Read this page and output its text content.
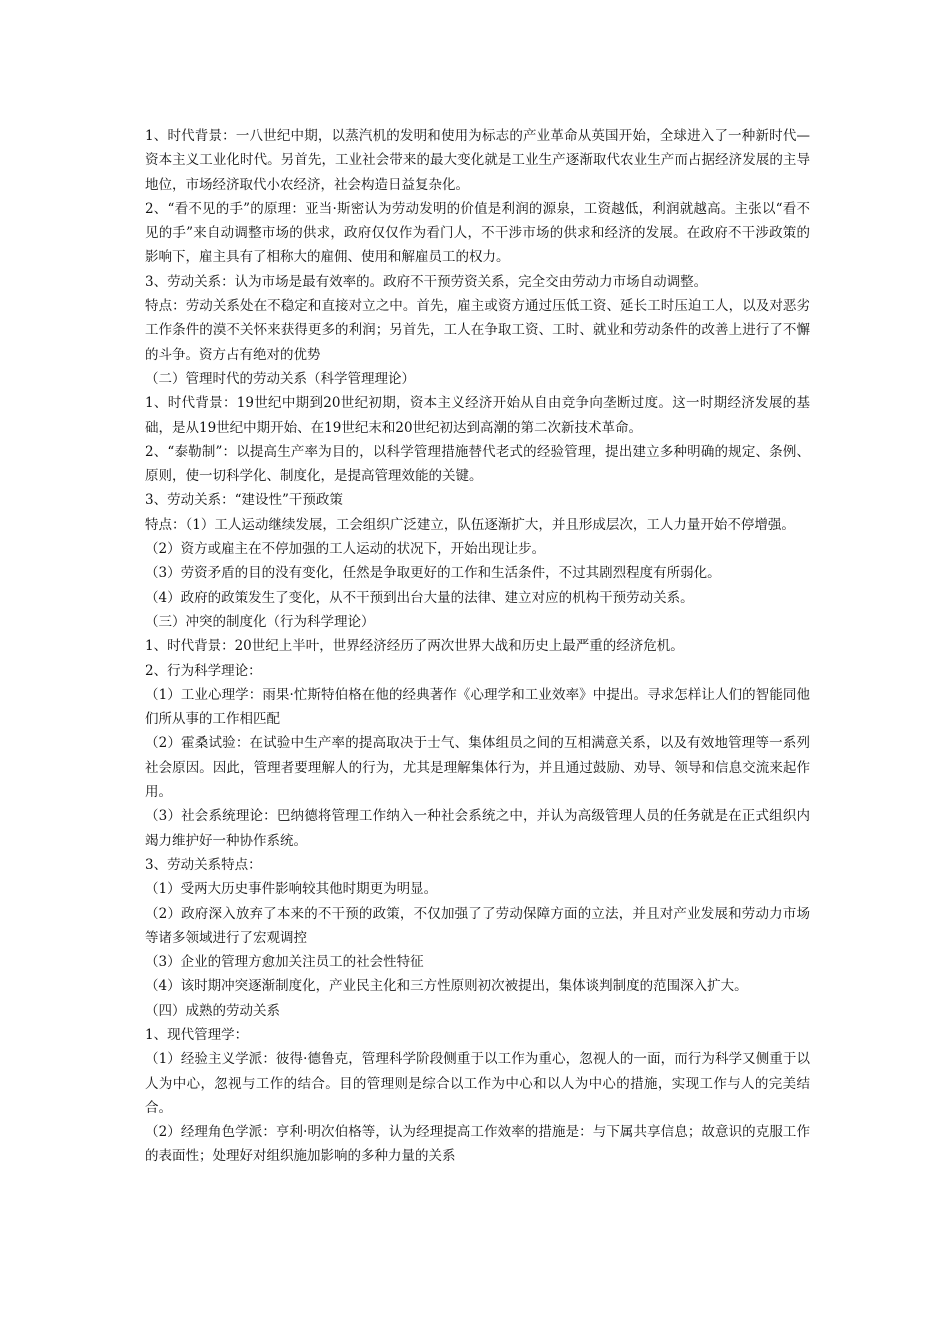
1、时代背景：一八世纪中期，以蒸汽机的发明和使用为标志的产业革命从英国开始，全球进入了一种新时代—资本主义工业化时代。另首先，工业社会带来的最大变化就是工业生产逐渐取代农业生产而占据经济发展的主导地位，市场经济取代小农经济，社会构造日益复杂化。

2、“看不见的手”的原理：亚当·斯密认为劳动发明的价值是利润的源泉，工资越低，利润就越高。主张以“看不见的手”来自动调整市场的供求，政府仅仅作为看门人，不干涉市场的供求和经济的发展。在政府不干涉政策的影响下，雇主具有了相称大的雇佣、使用和解雇员工的权力。

3、劳动关系：认为市场是最有效率的。政府不干预劳资关系，完全交由劳动力市场自动调整。

特点：劳动关系处在不稳定和直接对立之中。首先，雇主或资方通过压低工资、延长工时压迫工人，以及对恶劣工作条件的漠不关怀来获得更多的利润；另首先，工人在争取工资、工时、就业和劳动条件的改善上进行了不懈的斗争。资方占有绝对的优势

（二）管理时代的劳动关系（科学管理理论）

1、时代背景：19世纪中期到20世纪初期，资本主义经济开始从自由竞争向垄断过度。这一时期经济发展的基础，是从19世纪中期开始、在19世纪末和20世纪初达到高潮的第二次新技术革命。

2、“泰勒制”：以提高生产率为目的，以科学管理措施替代老式的经验管理，提出建立多种明确的规定、条例、原则，使一切科学化、制度化，是提高管理效能的关键。

3、劳动关系：“建设性”干预政策

特点：（1）工人运动继续发展，工会组织广泛建立，队伍逐渐扩大，并且形成层次，工人力量开始不停增强。

（2）资方或雇主在不停加强的工人运动的状况下，开始出现让步。

（3）劳资矛盾的目的没有变化，任然是争取更好的工作和生活条件，不过其剧烈程度有所弱化。

（4）政府的政策发生了变化，从不干预到出台大量的法律、建立对应的机构干预劳动关系。

（三）冲突的制度化（行为科学理论）

1、时代背景：20世纪上半叶，世界经济经历了两次世界大战和历史上最严重的经济危机。

2、行为科学理论：

（1）工业心理学：雨果·忙斯特伯格在他的经典著作《心理学和工业效率》中提出。寻求怎样让人们的智能同他们所从事的工作相匹配

（2）霍桑试验：在试验中生产率的提高取决于士气、集体组员之间的互相满意关系，以及有效地管理等一系列社会原因。因此，管理者要理解人的行为，尤其是理解集体行为，并且通过鼓励、劝导、领导和信息交流来起作用。

（3）社会系统理论：巴纳德将管理工作纳入一种社会系统之中，并认为高级管理人员的任务就是在正式组织内竭力维护好一种协作系统。

3、劳动关系特点：

（1）受两大历史事件影响较其他时期更为明显。

（2）政府深入放弃了本来的不干预的政策，不仅加强了了劳动保障方面的立法，并且对产业发展和劳动力市场等诸多领域进行了宏观调控

（3）企业的管理方愈加关注员工的社会性特征

（4）该时期冲突逐渐制度化，产业民主化和三方性原则初次被提出，集体谈判制度的范围深入扩大。

（四）成熟的劳动关系

1、现代管理学：

（1）经验主义学派：彼得·德鲁克，管理科学阶段侧重于以工作为重心，忽视人的一面，而行为科学又侧重于以人为中心，忽视与工作的结合。目的管理则是综合以工作为中心和以人为中心的措施，实现工作与人的完美结合。

（2）经理角色学派：亨利·明次伯格等，认为经理提高工作效率的措施是：与下属共享信息；故意识的克服工作的表面性；处理好对组织施加影响的多种力量的关系
